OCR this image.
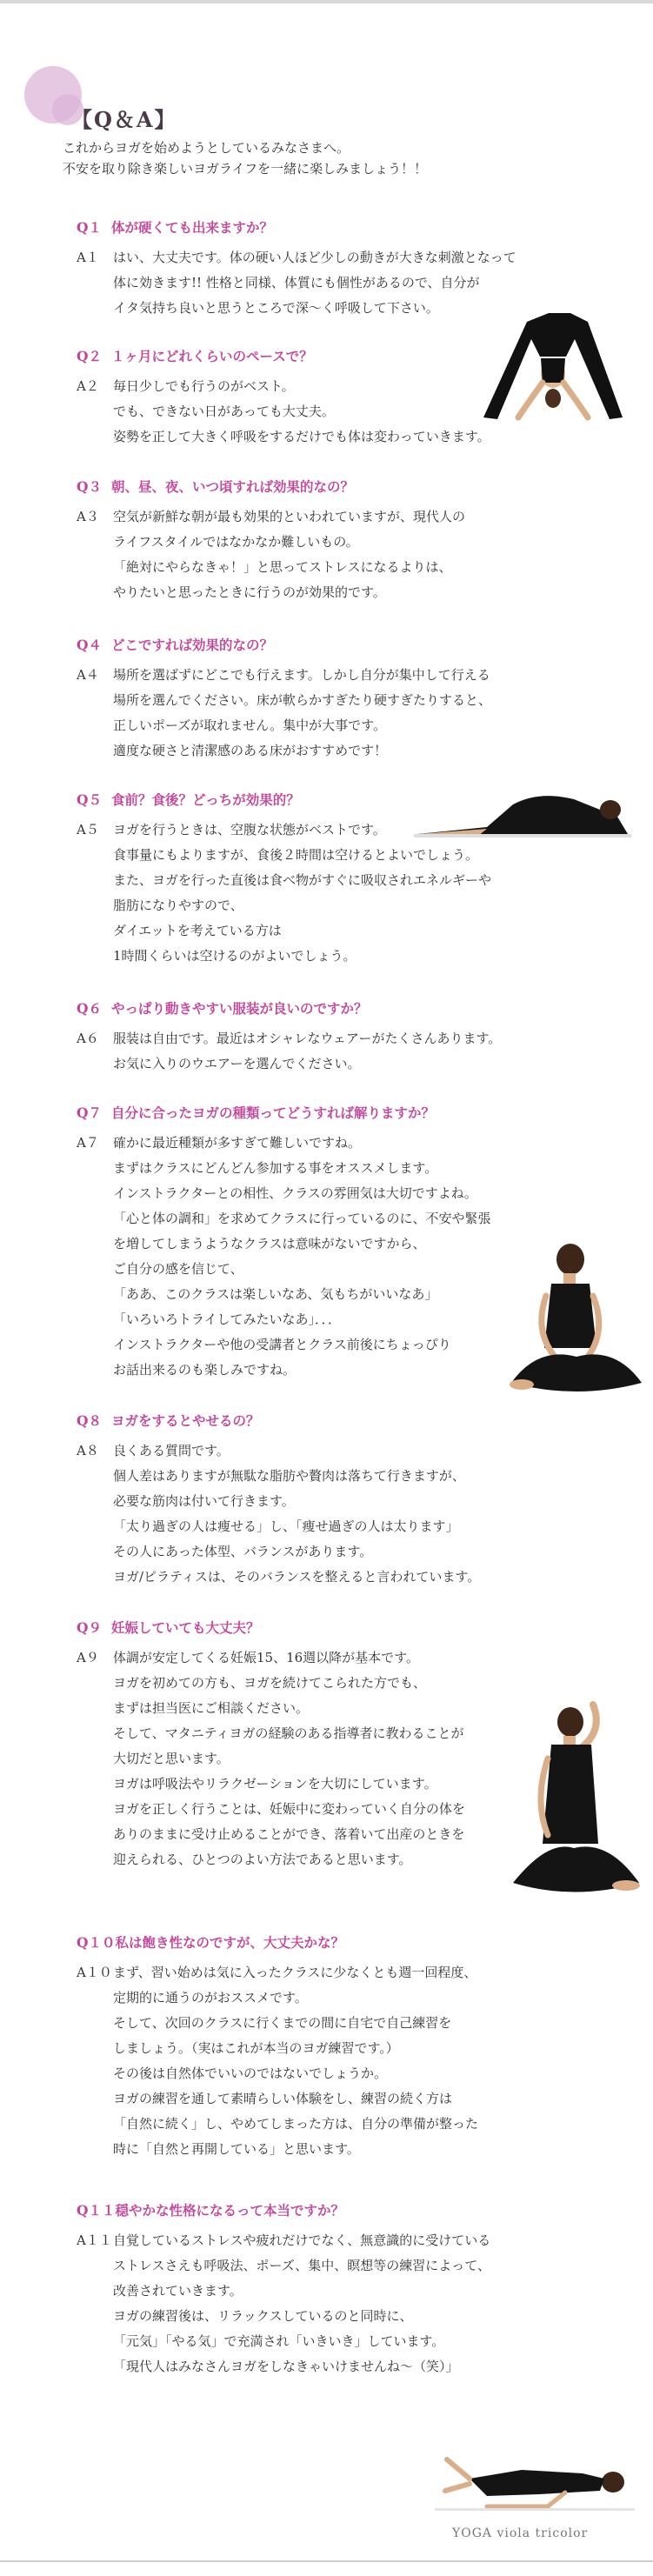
【Q＆A】
これからヨガを始めようとしているみなさまへ。
不安を取り除き楽しいヨガライフを一緒に楽しみましょう！！
Q１ 体が硬くても出来ますか？
A１	はい、大丈夫です。体の硬い人ほど少しの動きが大きな刺激となって
体に効きます!! 性格と同様、体質にも個性があるので、自分が
イタ気持ち良いと思うところで深～く呼吸して下さい。
Q２ １ヶ月にどれくらいのペースで？
A２	毎日少しでも行うのがベスト。
でも、できない日があっても大丈夫。
姿勢を正して大きく呼吸をするだけでも体は変わっていきます。
Q３ 朝、昼、夜、いつ頃すれば効果的なの？
A３	空気が新鮮な朝が最も効果的といわれていますが、現代人の
ライフスタイルではなかなか難しいもの。
「絶対にやらなきゃ！」と思ってストレスになるよりは、
やりたいと思ったときに行うのが効果的です。
Q４ どこですれば効果的なの？
A４	場所を選ばずにどこでも行えます。しかし自分が集中して行える
場所を選んでください。床が軟らかすぎたり硬すぎたりすると、
正しいポーズが取れません。集中が大事です。
適度な硬さと清潔感のある床がおすすめです！
Q５ 食前？食後？どっちが効果的？
A５	ヨガを行うときは、空腹な状態がベストです。
食事量にもよりますが、食後２時間は空けるとよいでしょう。
また、ヨガを行った直後は食べ物がすぐに吸収されエネルギーや
脂肪になりやすので、
ダイエットを考えている方は
1時間くらいは空けるのがよいでしょう。
Q６ やっぱり動きやすい服装が良いのですか？
A６	服装は自由です。最近はオシャレなウェアーがたくさんあります。
お気に入りのウエアーを選んでください。
Q７ 自分に合ったヨガの種類ってどうすれば解りますか？
A７	確かに最近種類が多すぎて難しいですね。
まずはクラスにどんどん参加する事をオススメします。
インストラクターとの相性、クラスの雰囲気は大切ですよね。
「心と体の調和」を求めてクラスに行っているのに、不安や緊張
を増してしまうようなクラスは意味がないですから、
ご自分の感を信じて、
「ああ、このクラスは楽しいなあ、気もちがいいなあ」
「いろいろトライしてみたいなあ」．．．
インストラクターや他の受講者とクラス前後にちょっぴり
お話出来るのも楽しみですね。
Q８ ヨガをするとやせるの？
A８	良くある質問です。
個人差はありますが無駄な脂肪や贅肉は落ちて行きますが、
必要な筋肉は付いて行きます。
「太り過ぎの人は痩せる」し、「痩せ過ぎの人は太ります」
その人にあった体型、バランスがあります。
ヨガ/ピラティスは、そのバランスを整えると言われています。
Q９ 妊娠していても大丈夫？
A９	体調が安定してくる妊娠15、16週以降が基本です。
ヨガを初めての方も、ヨガを続けてこられた方でも、
まずは担当医にご相談ください。
そして、マタニティヨガの経験のある指導者に教わることが
大切だと思います。
ヨガは呼吸法やリラクゼーションを大切にしています。
ヨガを正しく行うことは、妊娠中に変わっていく自分の体を
ありのままに受け止めることができ、落着いて出産のときを
迎えられる、ひとつのよい方法であると思います。
Q１０私は飽き性なのですが、大丈夫かな？
A１０ まず、習い始めは気に入ったクラスに少なくとも週一回程度、
定期的に通うのがおススメです。
そして、次回のクラスに行くまでの間に自宅で自己練習を
しましょう。（実はこれが本当のヨガ練習です。）
その後は自然体でいいのではないでしょうか。
ヨガの練習を通して素晴らしい体験をし、練習の続く方は
「自然に続く」し、やめてしまった方は、自分の準備が整った
時に「自然と再開している」と思います。
Q１１穏やかな性格になるって本当ですか？
A１１ 自覚しているストレスや疲れだけでなく、無意識的に受けている
ストレスさえも呼吸法、ポーズ、集中、瞑想等の練習によって、
改善されていきます。
ヨガの練習後は、リラックスしているのと同時に、
「元気」「やる気」で充満され「いきいき」しています。
「現代人はみなさんヨガをしなきゃいけませんね～（笑）」
YOGA viola tricolor
